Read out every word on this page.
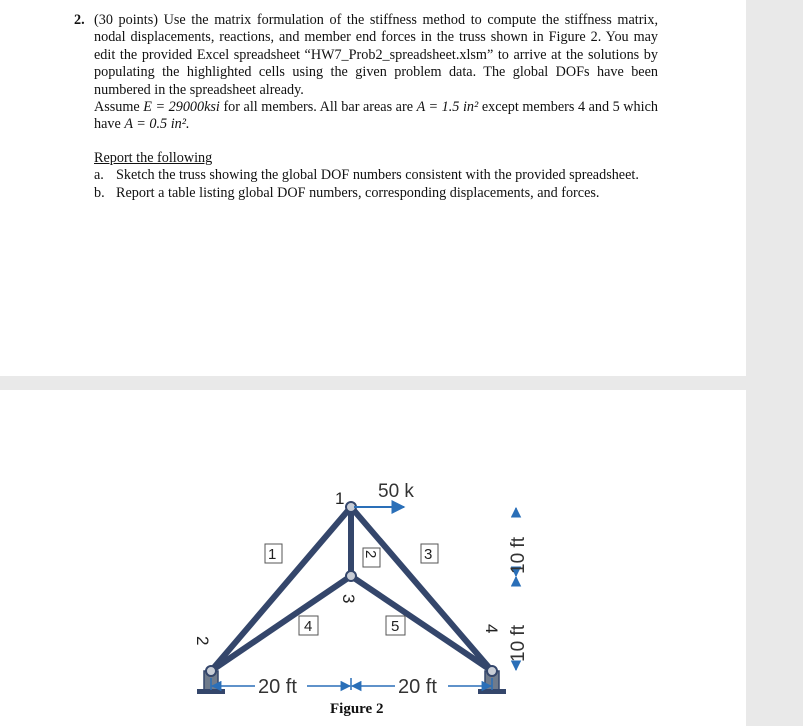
2. (30 points) Use the matrix formulation of the stiffness method to compute the stiffness matrix, nodal displacements, reactions, and member end forces in the truss shown in Figure 2. You may edit the provided Excel spreadsheet “HW7_Prob2_spreadsheet.xlsm” to arrive at the solutions by populating the highlighted cells using the given problem data. The global DOFs have been numbered in the spreadsheet already.

Assume E = 29000ksi for all members. All bar areas are A = 1.5 in² except members 4 and 5 which have A = 0.5 in².

Report the following
a. Sketch the truss showing the global DOF numbers consistent with the provided spreadsheet.
b. Report a table listing global DOF numbers, corresponding displacements, and forces.
50 k
1
2
3
4
1	2	3
4	5
20 ft	20 ft
10 ft
10 ft
Figure 2
